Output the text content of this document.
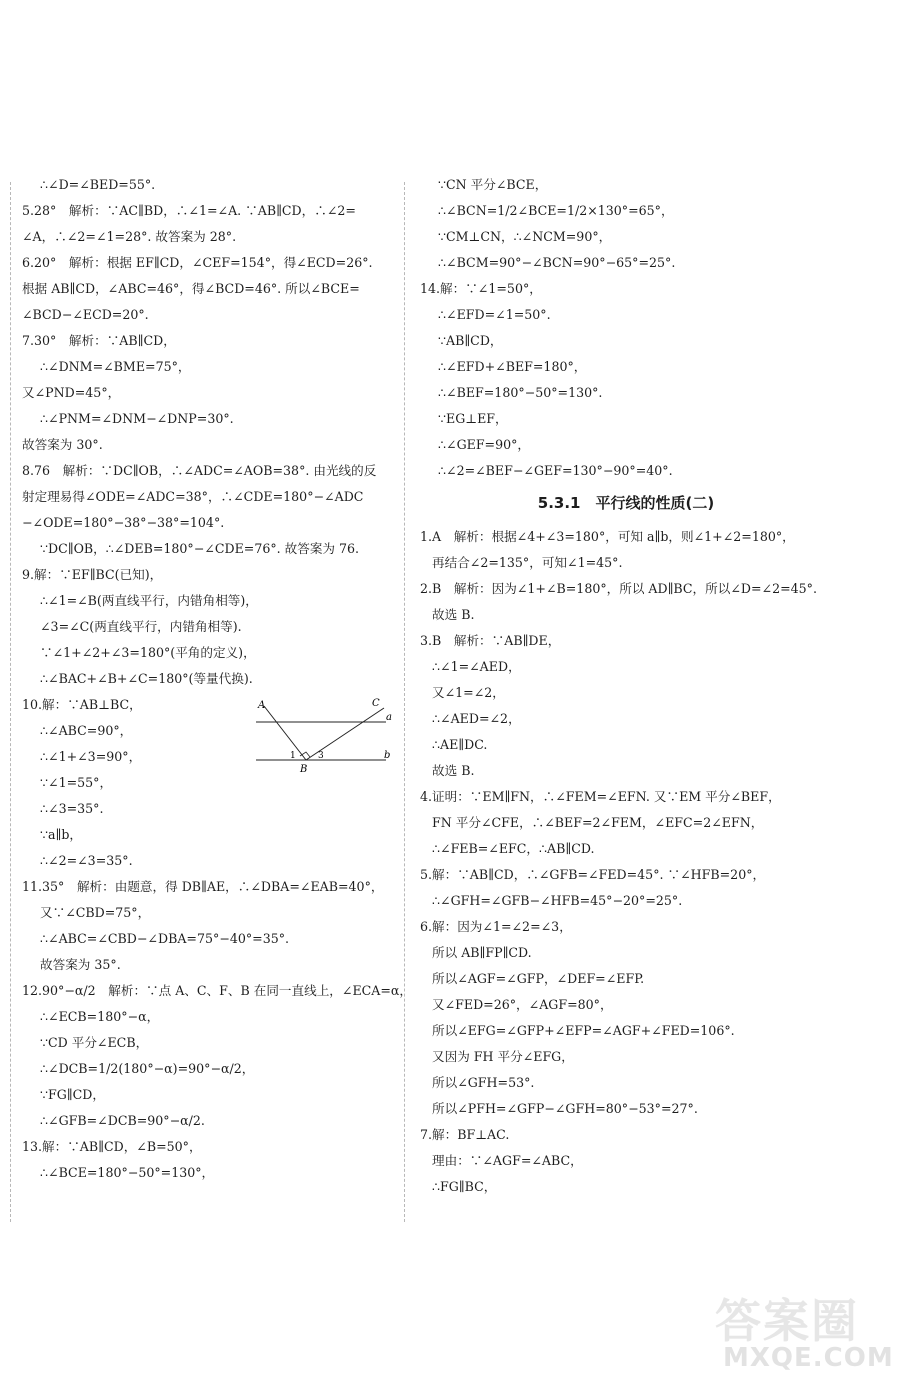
∴∠D=∠BED=55°.
5.28°　解析：∵AC∥BD，∴∠1=∠A. ∵AB∥CD，∴∠2=
∠A，∴∠2=∠1=28°. 故答案为 28°.
6.20°　解析：根据 EF∥CD，∠CEF=154°，得∠ECD=26°.
根据 AB∥CD，∠ABC=46°，得∠BCD=46°. 所以∠BCE=
∠BCD−∠ECD=20°.
7.30°　解析：∵AB∥CD，
∴∠DNM=∠BME=75°，
又∠PND=45°，
∴∠PNM=∠DNM−∠DNP=30°.
故答案为 30°.
8.76　解析：∵DC∥OB，∴∠ADC=∠AOB=38°. 由光线的反
射定理易得∠ODE=∠ADC=38°，∴∠CDE=180°−∠ADC
−∠ODE=180°−38°−38°=104°.
∵DC∥OB，∴∠DEB=180°−∠CDE=76°. 故答案为 76.
9.解：∵EF∥BC(已知)，
∴∠1=∠B(两直线平行，内错角相等)，
∠3=∠C(两直线平行，内错角相等).
∵∠1+∠2+∠3=180°(平角的定义)，
∴∠BAC+∠B+∠C=180°(等量代换).
10.解：∵AB⊥BC，
∴∠ABC=90°，
∴∠1+∠3=90°，
∵∠1=55°，
∴∠3=35°.
∵a∥b，
∴∠2=∠3=35°.
11.35°　解析：由题意，得 DB∥AE，∴∠DBA=∠EAB=40°，
又∵∠CBD=75°，
∴∠ABC=∠CBD−∠DBA=75°−40°=35°.
故答案为 35°.
12.90°−α/2　解析：∵点 A、C、F、B 在同一直线上，∠ECA=α，
∴∠ECB=180°−α，
∵CD 平分∠ECB，
∴∠DCB=1/2(180°−α)=90°−α/2，
∵FG∥CD，
∴∠GFB=∠DCB=90°−α/2.
13.解：∵AB∥CD，∠B=50°，
∴∠BCE=180°−50°=130°，
A	C
a
b
B
1 3
∵CN 平分∠BCE，
∴∠BCN=1/2∠BCE=1/2×130°=65°，
∵CM⊥CN，∴∠NCM=90°，
∴∠BCM=90°−∠BCN=90°−65°=25°.
14.解：∵∠1=50°，
∴∠EFD=∠1=50°.
∵AB∥CD，
∴∠EFD+∠BEF=180°，
∴∠BEF=180°−50°=130°.
∵EG⊥EF，
∴∠GEF=90°，
∴∠2=∠BEF−∠GEF=130°−90°=40°.
5.3.1　平行线的性质(二)
1.A　解析：根据∠4+∠3=180°，可知 a∥b，则∠1+∠2=180°，
再结合∠2=135°，可知∠1=45°.
2.B　解析：因为∠1+∠B=180°，所以 AD∥BC，所以∠D=∠2=45°.
故选 B.
3.B　解析：∵AB∥DE，
∴∠1=∠AED，
又∠1=∠2，
∴∠AED=∠2，
∴AE∥DC.
故选 B.
4.证明：∵EM∥FN，∴∠FEM=∠EFN. 又∵EM 平分∠BEF，
FN 平分∠CFE，∴∠BEF=2∠FEM，∠EFC=2∠EFN，
∴∠FEB=∠EFC，∴AB∥CD.
5.解：∵AB∥CD，∴∠GFB=∠FED=45°. ∵∠HFB=20°，
∴∠GFH=∠GFB−∠HFB=45°−20°=25°.
6.解：因为∠1=∠2=∠3，
所以 AB∥FP∥CD.
所以∠AGF=∠GFP，∠DEF=∠EFP.
又∠FED=26°，∠AGF=80°，
所以∠EFG=∠GFP+∠EFP=∠AGF+∠FED=106°.
又因为 FH 平分∠EFG，
所以∠GFH=53°.
所以∠PFH=∠GFP−∠GFH=80°−53°=27°.
7.解：BF⊥AC.
理由：∵∠AGF=∠ABC，
∴FG∥BC，
答案圈
MXQE.COM
